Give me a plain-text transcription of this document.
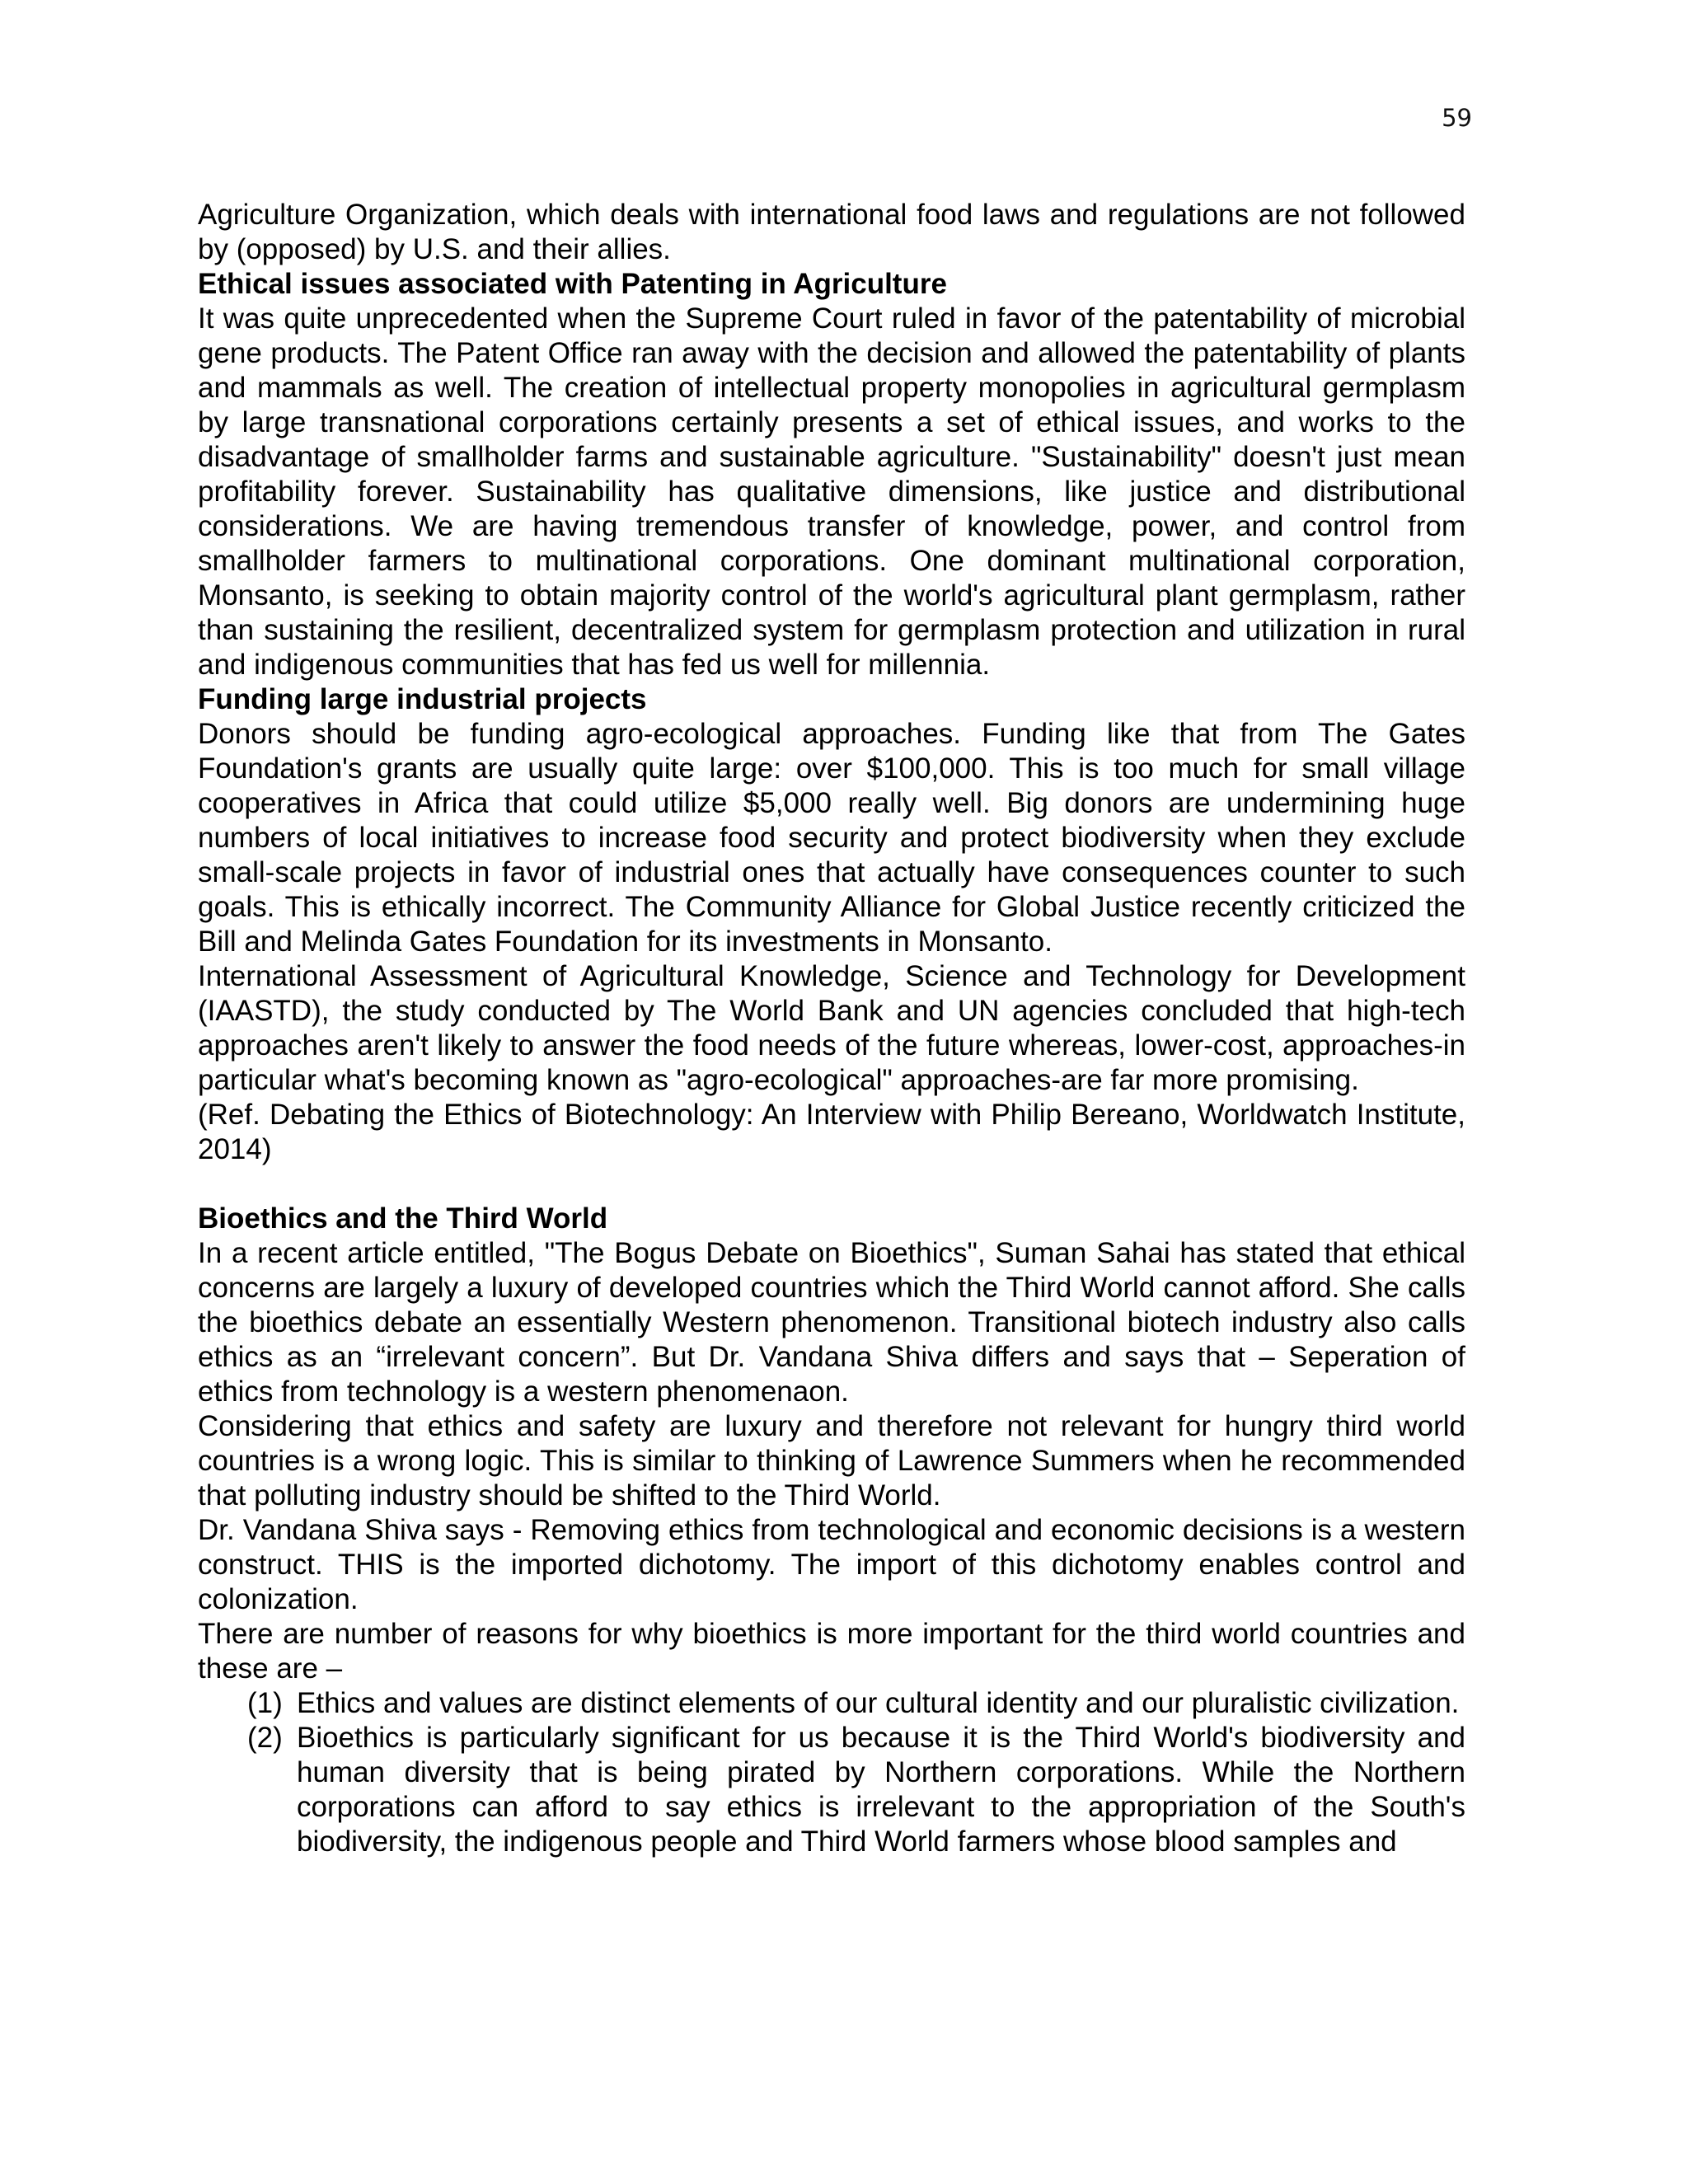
59

Agriculture Organization, which deals with international food laws and regulations are not followed by (opposed) by U.S. and their allies.

Ethical issues associated with Patenting in Agriculture

It was quite unprecedented when the Supreme Court ruled in favor of the patentability of microbial gene products. The Patent Office ran away with the decision and allowed the patentability of plants and mammals as well. The creation of intellectual property monopolies in agricultural germplasm by large transnational corporations certainly presents a set of ethical issues, and works to the disadvantage of smallholder farms and sustainable agriculture. "Sustainability" doesn't just mean profitability forever. Sustainability has qualitative dimensions, like justice and distributional considerations. We are having tremendous transfer of knowledge, power, and control from smallholder farmers to multinational corporations. One dominant multinational corporation, Monsanto, is seeking to obtain majority control of the world's agricultural plant germplasm, rather than sustaining the resilient, decentralized system for germplasm protection and utilization in rural and indigenous communities that has fed us well for millennia.

Funding large industrial projects

Donors should be funding agro-ecological approaches. Funding like that from The Gates Foundation's grants are usually quite large: over $100,000. This is too much for small village cooperatives in Africa that could utilize $5,000 really well. Big donors are undermining huge numbers of local initiatives to increase food security and protect biodiversity when they exclude small-scale projects in favor of industrial ones that actually have consequences counter to such goals. This is ethically incorrect. The Community Alliance for Global Justice recently criticized the Bill and Melinda Gates Foundation for its investments in Monsanto.

International Assessment of Agricultural Knowledge, Science and Technology for Development (IAASTD), the study conducted by The World Bank and UN agencies concluded that high-tech approaches aren't likely to answer the food needs of the future whereas, lower-cost, approaches-in particular what's becoming known as "agro-ecological" approaches-are far more promising.

(Ref. Debating the Ethics of Biotechnology: An Interview with Philip Bereano, Worldwatch Institute, 2014)

Bioethics and the Third World

In a recent article entitled, "The Bogus Debate on Bioethics", Suman Sahai has stated that ethical concerns are largely a luxury of developed countries which the Third World cannot afford. She calls the bioethics debate an essentially Western phenomenon. Transitional biotech industry also calls ethics as an “irrelevant concern”. But Dr. Vandana Shiva differs and says that – Seperation of ethics from technology is a western phenomenaon.

Considering that ethics and safety are luxury and therefore not relevant for hungry third world countries is a wrong logic. This is similar to thinking of Lawrence Summers when he recommended that polluting industry should be shifted to the Third World.

Dr. Vandana Shiva says - Removing ethics from technological and economic decisions is a western construct. THIS is the imported dichotomy. The import of this dichotomy enables control and colonization.

There are number of reasons for why bioethics is more important for the third world countries and these are –

(1) Ethics and values are distinct elements of our cultural identity and our pluralistic civilization.

(2) Bioethics is particularly significant for us because it is the Third World's biodiversity and human diversity that is being pirated by Northern corporations. While the Northern corporations can afford to say ethics is irrelevant to the appropriation of the South's biodiversity, the indigenous people and Third World farmers whose blood samples and
